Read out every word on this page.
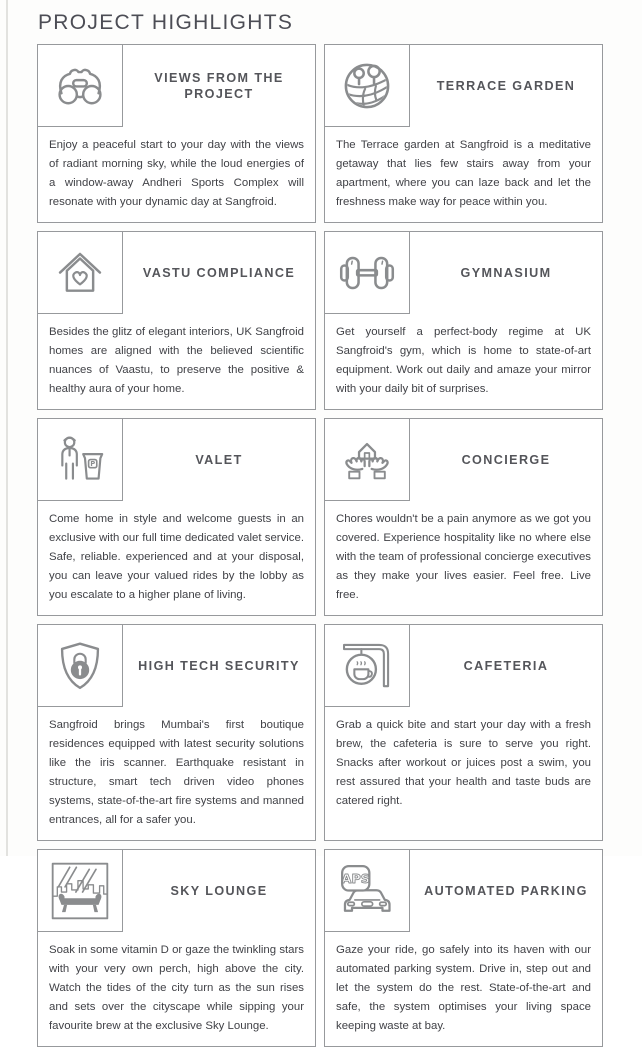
PROJECT HIGHLIGHTS
VIEWS FROM THE PROJECT
Enjoy a peaceful start to your day with the views of radiant morning sky, while the loud energies of a window-away Andheri Sports Complex will resonate with your dynamic day at Sangfroid.
TERRACE GARDEN
The Terrace garden at Sangfroid is a meditative getaway that lies few stairs away from your apartment, where you can laze back and let the freshness make way for peace within you.
VASTU COMPLIANCE
Besides the glitz of elegant interiors, UK Sangfroid homes are aligned with the believed scientific nuances of Vaastu, to preserve the positive & healthy aura of your home.
GYMNASIUM
Get yourself a perfect-body regime at UK Sangfroid's gym, which is home to state-of-art equipment. Work out daily and amaze your mirror with your daily bit of surprises.
P	VALET
Come home in style and welcome guests in an exclusive with our full time dedicated valet service. Safe, reliable. experienced and at your disposal, you can leave your valued rides by the lobby as you escalate to a higher plane of living.
CONCIERGE
Chores wouldn't be a pain anymore as we got you covered. Experience hospitality like no where else with the team of professional concierge executives as they make your lives easier. Feel free. Live free.
HIGH TECH SECURITY
Sangfroid brings Mumbai's first boutique residences equipped with latest security solutions like the iris scanner. Earthquake resistant in structure, smart tech driven video phones systems, state-of-the-art fire systems and manned entrances, all for a safer you.
CAFETERIA
Grab a quick bite and start your day with a fresh brew, the cafeteria is sure to serve you right. Snacks after workout or juices post a swim, you rest assured that your health and taste buds are catered right.
SKY LOUNGE
Soak in some vitamin D or gaze the twinkling stars with your very own perch, high above the city. Watch the tides of the city turn as the sun rises and sets over the cityscape while sipping your favourite brew at the exclusive Sky Lounge.
APS
AUTOMATED PARKING
Gaze your ride, go safely into its haven with our automated parking system. Drive in, step out and let the system do the rest. State-of-the-art and safe, the system optimises your living space keeping waste at bay.
